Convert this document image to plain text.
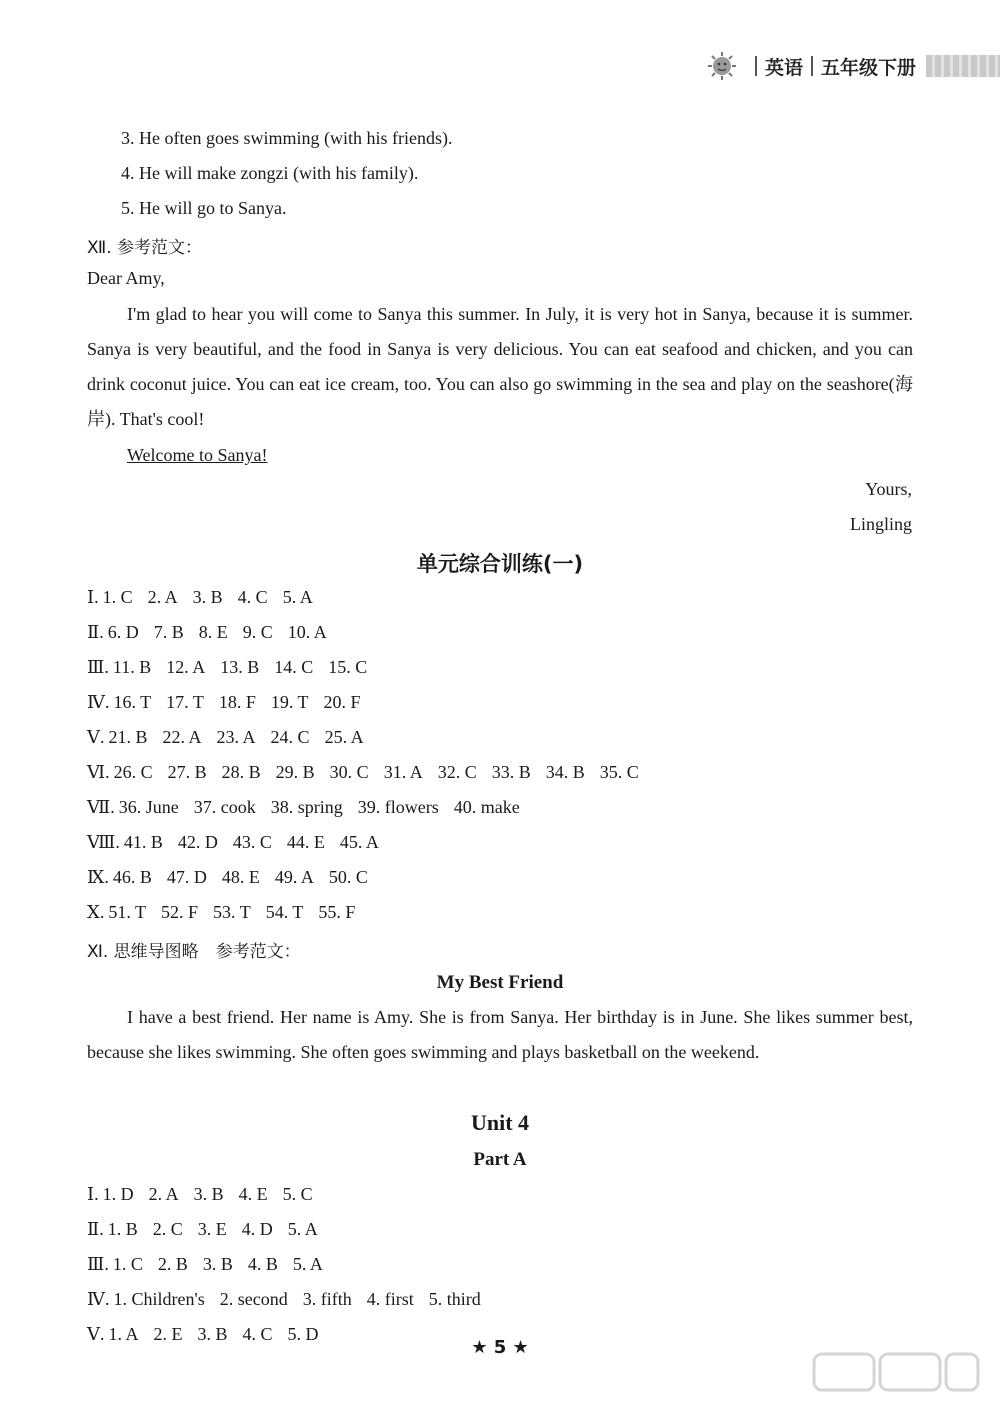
英语 五年级下册
3. He often goes swimming (with his friends).
4. He will make zongzi (with his family).
5. He will go to Sanya.
Ⅻ. 参考范文：
Dear Amy,
I'm glad to hear you will come to Sanya this summer. In July, it is very hot in Sanya, because it is summer. Sanya is very beautiful, and the food in Sanya is very delicious. You can eat seafood and chicken, and you can drink coconut juice. You can eat ice cream, too. You can also go swimming in the sea and play on the seashore(海岸). That's cool!
Welcome to Sanya!
Yours,
Lingling
单元综合训练(一)
Ⅰ. 1. C 2. A 3. B 4. C 5. A
Ⅱ. 6. D 7. B 8. E 9. C 10. A
Ⅲ. 11. B 12. A 13. B 14. C 15. C
Ⅳ. 16. T 17. T 18. F 19. T 20. F
Ⅴ. 21. B 22. A 23. A 24. C 25. A
Ⅵ. 26. C 27. B 28. B 29. B 30. C 31. A 32. C 33. B 34. B 35. C
Ⅶ. 36. June 37. cook 38. spring 39. flowers 40. make
Ⅷ. 41. B 42. D 43. C 44. E 45. A
Ⅸ. 46. B 47. D 48. E 49. A 50. C
Ⅹ. 51. T 52. F 53. T 54. T 55. F
Ⅺ. 思维导图略　参考范文：
My Best Friend
I have a best friend. Her name is Amy. She is from Sanya. Her birthday is in June. She likes summer best, because she likes swimming. She often goes swimming and plays basketball on the weekend.
Unit 4
Part A
Ⅰ. 1. D 2. A 3. B 4. E 5. C
Ⅱ. 1. B 2. C 3. E 4. D 5. A
Ⅲ. 1. C 2. B 3. B 4. B 5. A
Ⅳ. 1. Children's 2. second 3. fifth 4. first 5. third
Ⅴ. 1. A 2. E 3. B 4. C 5. D
★ 5 ★
